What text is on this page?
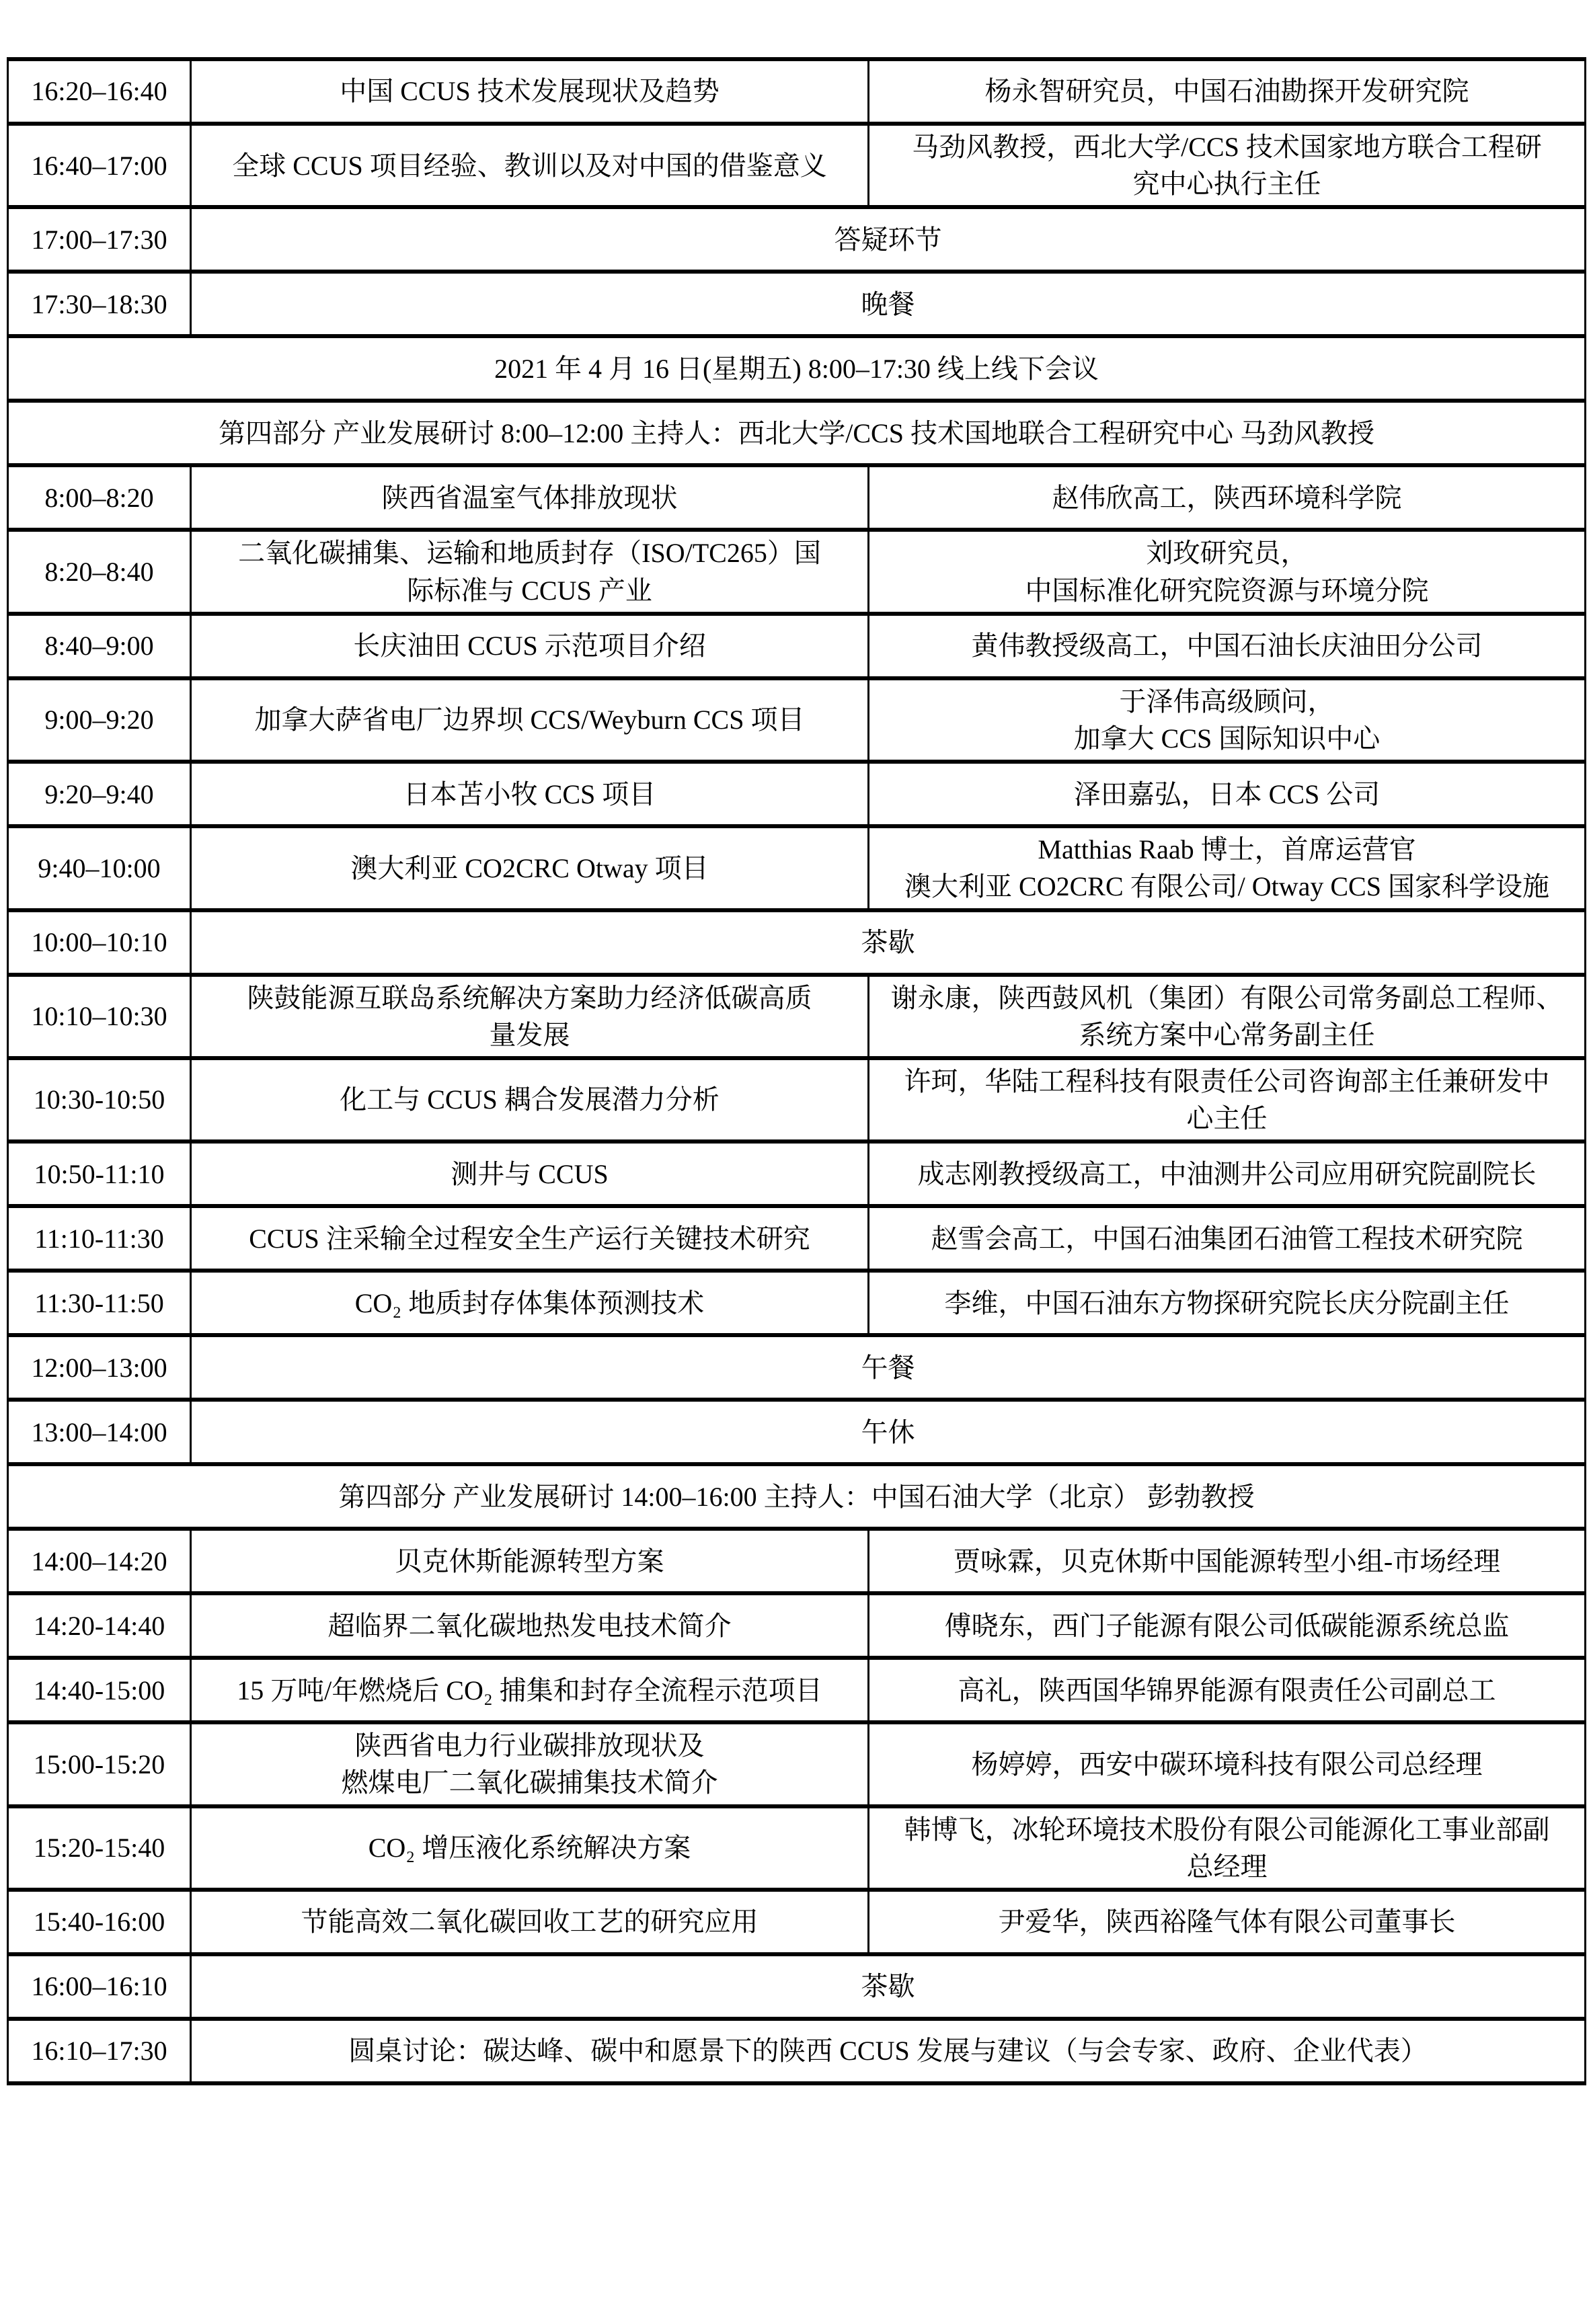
16:20–16:40	中国 CCUS 技术发展现状及趋势	杨永智研究员，中国石油勘探开发研究院

16:40–17:00	全球 CCUS 项目经验、教训以及对中国的借鉴意义	马劲风教授，西北大学/CCS 技术国家地方联合工程研
究中心执行主任

17:00–17:30	答疑环节	

17:30–18:30	晚餐	

2021 年 4 月 16 日(星期五) 8:00–17:30 线上线下会议		

第四部分 产业发展研讨 8:00–12:00 主持人：西北大学/CCS 技术国地联合工程研究中心 马劲风教授		

8:00–8:20	陕西省温室气体排放现状	赵伟欣高工，陕西环境科学院

8:20–8:40	二氧化碳捕集、运输和地质封存（ISO/TC265）国
际标准与 CCUS 产业	刘玫研究员，
中国标准化研究院资源与环境分院

8:40–9:00	长庆油田 CCUS 示范项目介绍	黄伟教授级高工，中国石油长庆油田分公司

9:00–9:20	加拿大萨省电厂边界坝 CCS/Weyburn CCS 项目	于泽伟高级顾问，
加拿大 CCS 国际知识中心

9:20–9:40	日本苫小牧 CCS 项目	泽田嘉弘，日本 CCS 公司

9:40–10:00	澳大利亚 CO2CRC Otway 项目	Matthias Raab 博士，首席运营官
澳大利亚 CO2CRC 有限公司/ Otway CCS 国家科学设施

10:00–10:10	茶歇	

10:10–10:30	陕鼓能源互联岛系统解决方案助力经济低碳高质
量发展	谢永康，陕西鼓风机（集团）有限公司常务副总工程师、
系统方案中心常务副主任

10:30-10:50	化工与 CCUS 耦合发展潜力分析	许珂，华陆工程科技有限责任公司咨询部主任兼研发中
心主任

10:50-11:10	测井与 CCUS	成志刚教授级高工，中油测井公司应用研究院副院长

11:10-11:30	CCUS 注采输全过程安全生产运行关键技术研究	赵雪会高工，中国石油集团石油管工程技术研究院

11:30-11:50	CO₂ 地质封存体集体预测技术	李维，中国石油东方物探研究院长庆分院副主任

12:00–13:00	午餐	

13:00–14:00	午休	

第四部分 产业发展研讨 14:00–16:00 主持人：中国石油大学（北京） 彭勃教授		

14:00–14:20	贝克休斯能源转型方案	贾咏霖，贝克休斯中国能源转型小组-市场经理

14:20-14:40	超临界二氧化碳地热发电技术简介	傅晓东，西门子能源有限公司低碳能源系统总监

14:40-15:00	15 万吨/年燃烧后 CO₂ 捕集和封存全流程示范项目	高礼，陕西国华锦界能源有限责任公司副总工

15:00-15:20	陕西省电力行业碳排放现状及
燃煤电厂二氧化碳捕集技术简介	杨婷婷，西安中碳环境科技有限公司总经理

15:20-15:40	CO₂ 增压液化系统解决方案	韩博飞，冰轮环境技术股份有限公司能源化工事业部副
总经理

15:40-16:00	节能高效二氧化碳回收工艺的研究应用	尹爱华，陕西裕隆气体有限公司董事长

16:00–16:10	茶歇	

16:10–17:30	圆桌讨论：碳达峰、碳中和愿景下的陕西 CCUS 发展与建议（与会专家、政府、企业代表）	
